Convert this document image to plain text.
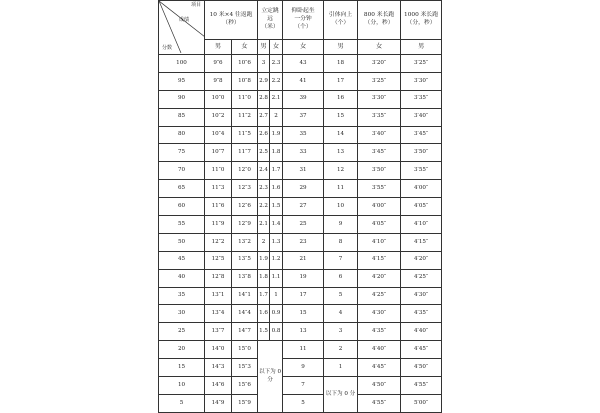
项目
成绩
分数	10 米×4 往返跑
（秒）		立定跳远
（米）		仰卧起坐
一分钟
（个）	引体向上
（个）	800 米长跑
（分，秒）	1000 米长跑
（分，秒）
	男	女	男	女	女	男	女	男
100	9″6	10″6	3	2.3	43	18	3′20″	3′25″
95	9″8	10″8	2.9	2.2	41	17	3′25″	3′30″
90	10″0	11″0	2.8	2.1	39	16	3′30″	3′35″
85	10″2	11″2	2.7	2	37	15	3′35″	3′40″
80	10″4	11″5	2.6	1.9	35	14	3′40″	3′45″
75	10″7	11″7	2.5	1.8	33	13	3′45″	3′50″
70	11″0	12″0	2.4	1.7	31	12	3′50″	3′55″
65	11″3	12″3	2.3	1.6	29	11	3′55″	4′00″
60	11″6	12″6	2.2	1.5	27	10	4′00″	4′05″
55	11″9	12″9	2.1	1.4	25	9	4′05″	4′10″
50	12″2	13″2	2	1.3	23	8	4′10″	4′15″
45	12″5	13″5	1.9	1.2	21	7	4′15″	4′20″
40	12″8	13″8	1.8	1.1	19	6	4′20″	4′25″
35	13″1	14″1	1.7	1	17	5	4′25″	4′30″
30	13″4	14″4	1.6	0.9	15	4	4′30″	4′35″
25	13″7	14″7	1.5	0.8	13	3	4′35″	4′40″
20	14″0	15″0	以下为 0 分		11	2	4′40″	4′45″
15	14″3	15″3			9	1	4′45″	4′50″
10	14″6	15″6			7	以下为 0 分	4′50″	4′55″
5	14″9	15″9			5		4′55″	5′00″
